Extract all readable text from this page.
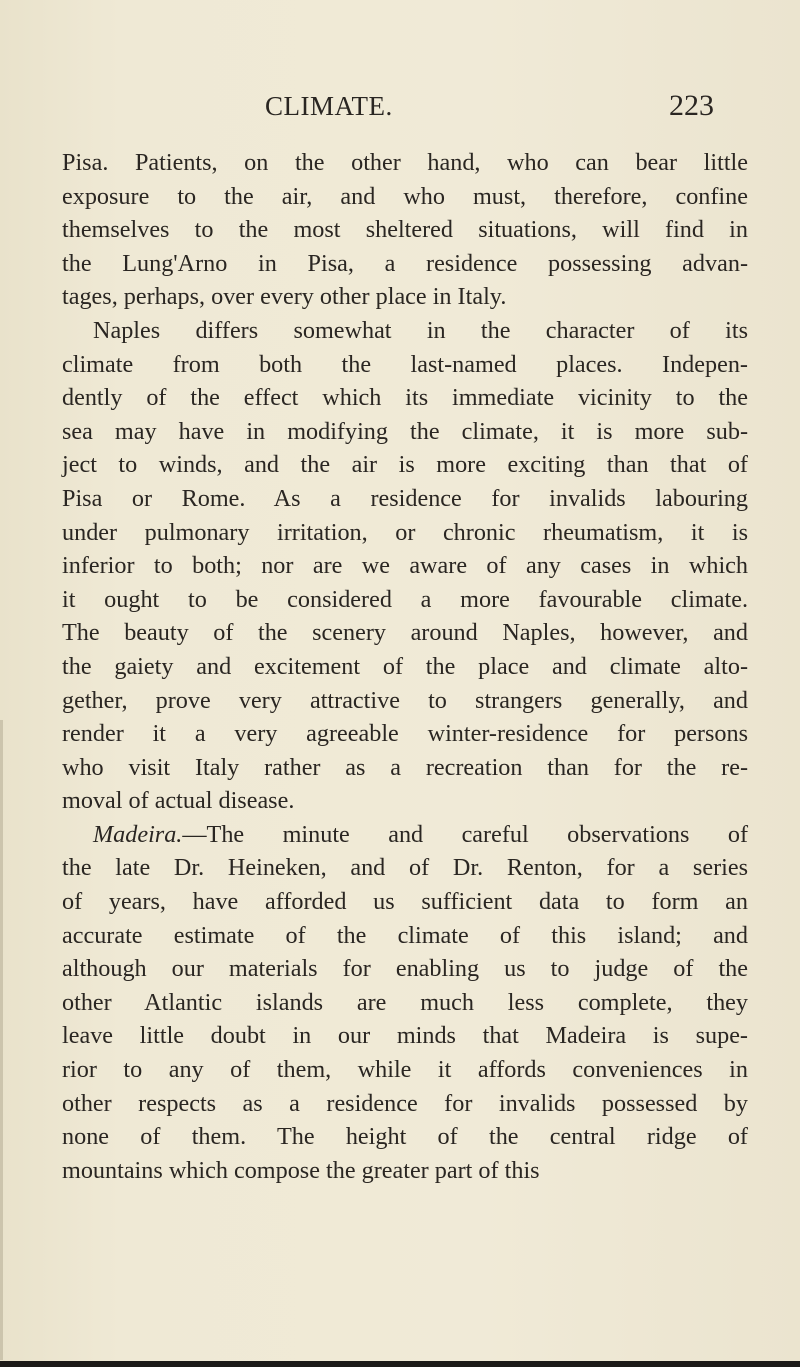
CLIMATE.	223
Pisa. Patients, on the other hand, who can bear little
exposure to the air, and who must, therefore, confine
themselves to the most sheltered situations, will find in
the Lung'Arno in Pisa, a residence possessing advan-
tages, perhaps, over every other place in Italy.
Naples differs somewhat in the character of its
climate from both the last-named places. Indepen-
dently of the effect which its immediate vicinity to the
sea may have in modifying the climate, it is more sub-
ject to winds, and the air is more exciting than that of
Pisa or Rome. As a residence for invalids labouring
under pulmonary irritation, or chronic rheumatism, it is
inferior to both; nor are we aware of any cases in which
it ought to be considered a more favourable climate.
The beauty of the scenery around Naples, however, and
the gaiety and excitement of the place and climate alto-
gether, prove very attractive to strangers generally, and
render it a very agreeable winter-residence for persons
who visit Italy rather as a recreation than for the re-
moval of actual disease.
Madeira.—The minute and careful observations of
the late Dr. Heineken, and of Dr. Renton, for a series
of years, have afforded us sufficient data to form an
accurate estimate of the climate of this island; and
although our materials for enabling us to judge of the
other Atlantic islands are much less complete, they
leave little doubt in our minds that Madeira is supe-
rior to any of them, while it affords conveniences in
other respects as a residence for invalids possessed by
none of them. The height of the central ridge of
mountains which compose the greater part of this
